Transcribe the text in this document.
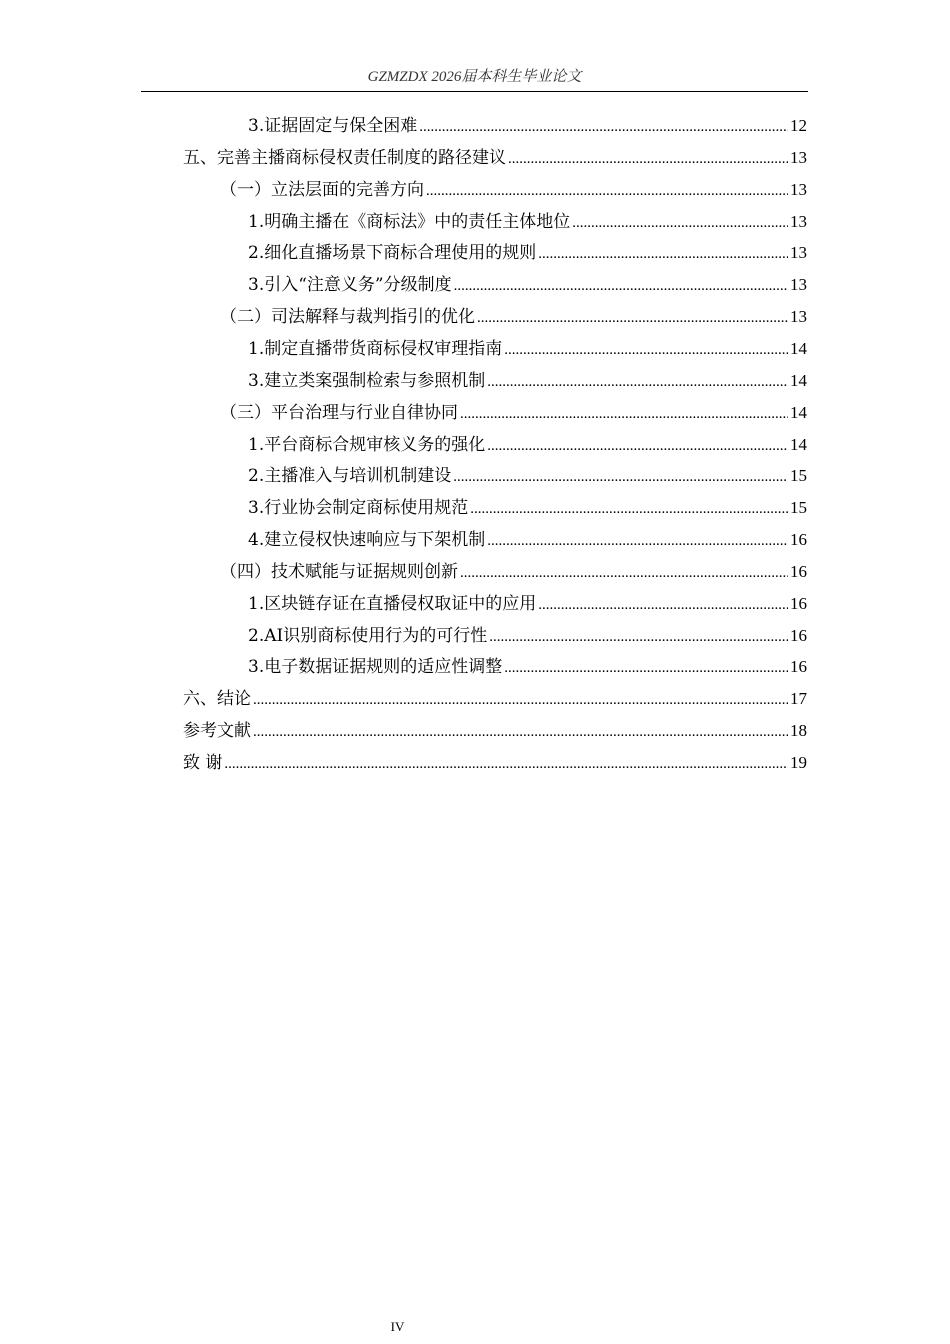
GZMZDX 2026届本科生毕业论文
3.证据固定与保全困难 .....	12
五、完善主播商标侵权责任制度的路径建议 .....	13
（一）立法层面的完善方向 .....	13
1.明确主播在《商标法》中的责任主体地位 .....	13
2.细化直播场景下商标合理使用的规则 .....	13
3.引入“注意义务”分级制度 .....	13
（二）司法解释与裁判指引的优化 .....	13
1.制定直播带货商标侵权审理指南 .....	14
3.建立类案强制检索与参照机制 .....	14
（三）平台治理与行业自律协同 .....	14
1.平台商标合规审核义务的强化 .....	14
2.主播准入与培训机制建设 .....	15
3.行业协会制定商标使用规范 .....	15
4.建立侵权快速响应与下架机制 .....	16
（四）技术赋能与证据规则创新 .....	16
1.区块链存证在直播侵权取证中的应用 .....	16
2.AI识别商标使用行为的可行性 .....	16
3.电子数据证据规则的适应性调整 .....	16
六、结论 .....	17
参考文献 .....	18
致 谢 .....	19
IV
